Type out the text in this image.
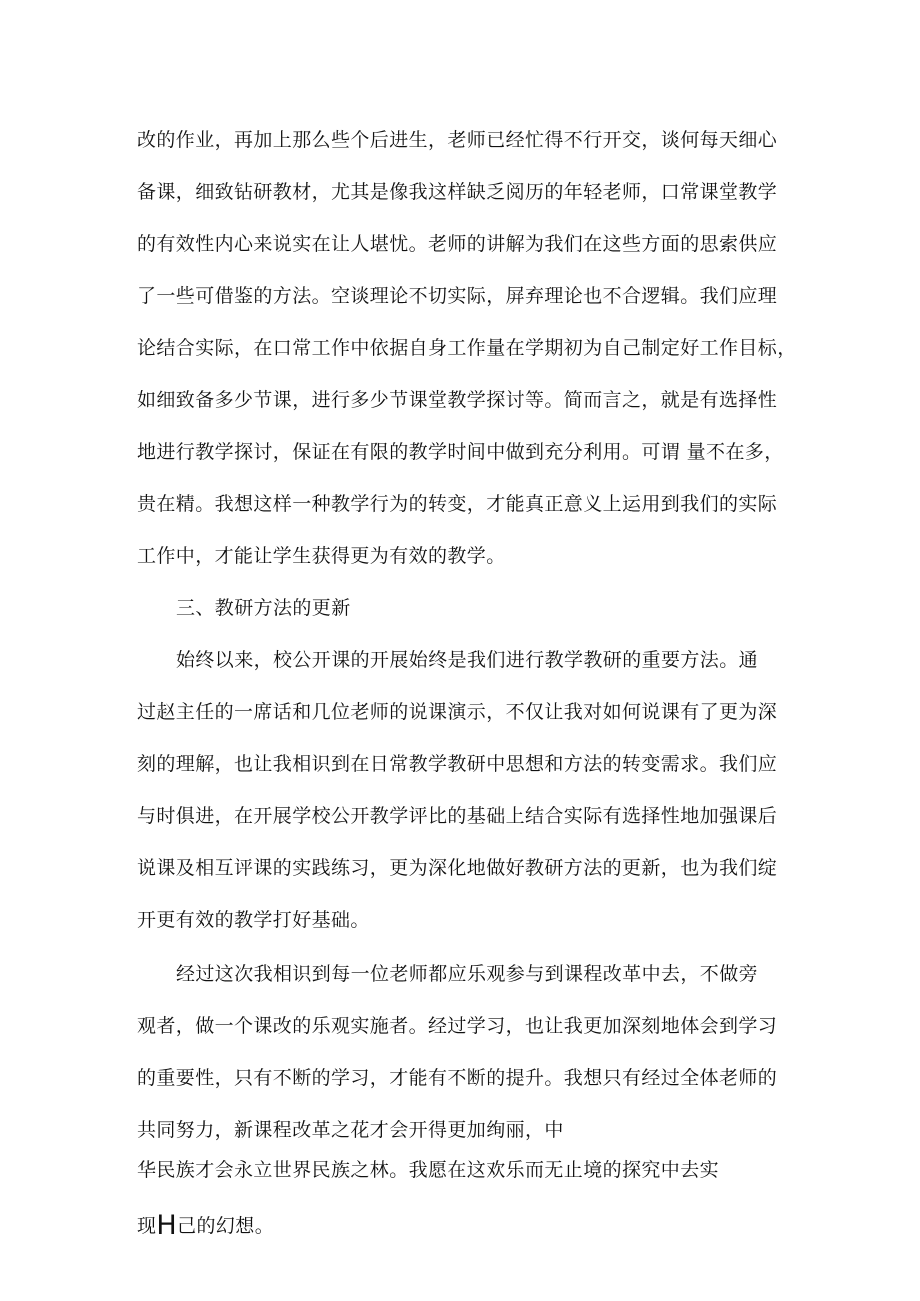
改的作业，再加上那么些个后进生，老师已经忙得不行开交，谈何每天细心
备课，细致钻研教材，尤其是像我这样缺乏阅历的年轻老师，口常课堂教学
的有效性内心来说实在让人堪忧。老师的讲解为我们在这些方面的思索供应
了一些可借鉴的方法。空谈理论不切实际，屏弃理论也不合逻辑。我们应理
论结合实际，在口常工作中依据自身工作量在学期初为自己制定好工作目标，
如细致备多少节课，进行多少节课堂教学探讨等。简而言之，就是有选择性
地进行教学探讨，保证在有限的教学时间中做到充分利用。可谓 量不在多，
贵在精。我想这样一种教学行为的转变，才能真正意义上运用到我们的实际
工作中，才能让学生获得更为有效的教学。
三、教研方法的更新
始终以来，校公开课的开展始终是我们进行教学教研的重要方法。通
过赵主任的一席话和几位老师的说课演示，不仅让我对如何说课有了更为深
刻的理解，也让我相识到在日常教学教研中思想和方法的转变需求。我们应
与时俱进，在开展学校公开教学评比的基础上结合实际有选择性地加强课后
说课及相互评课的实践练习，更为深化地做好教研方法的更新，也为我们绽
开更有效的教学打好基础。
经过这次我相识到每一位老师都应乐观参与到课程改革中去，不做旁
观者，做一个课改的乐观实施者。经过学习，也让我更加深刻地体会到学习
的重要性，只有不断的学习，才能有不断的提升。我想只有经过全体老师的
共同努力，新课程改革之花才会开得更加绚丽，中
华民族才会永立世界民族之林。我愿在这欢乐而无止境的探究中去实
现H己的幻想。
